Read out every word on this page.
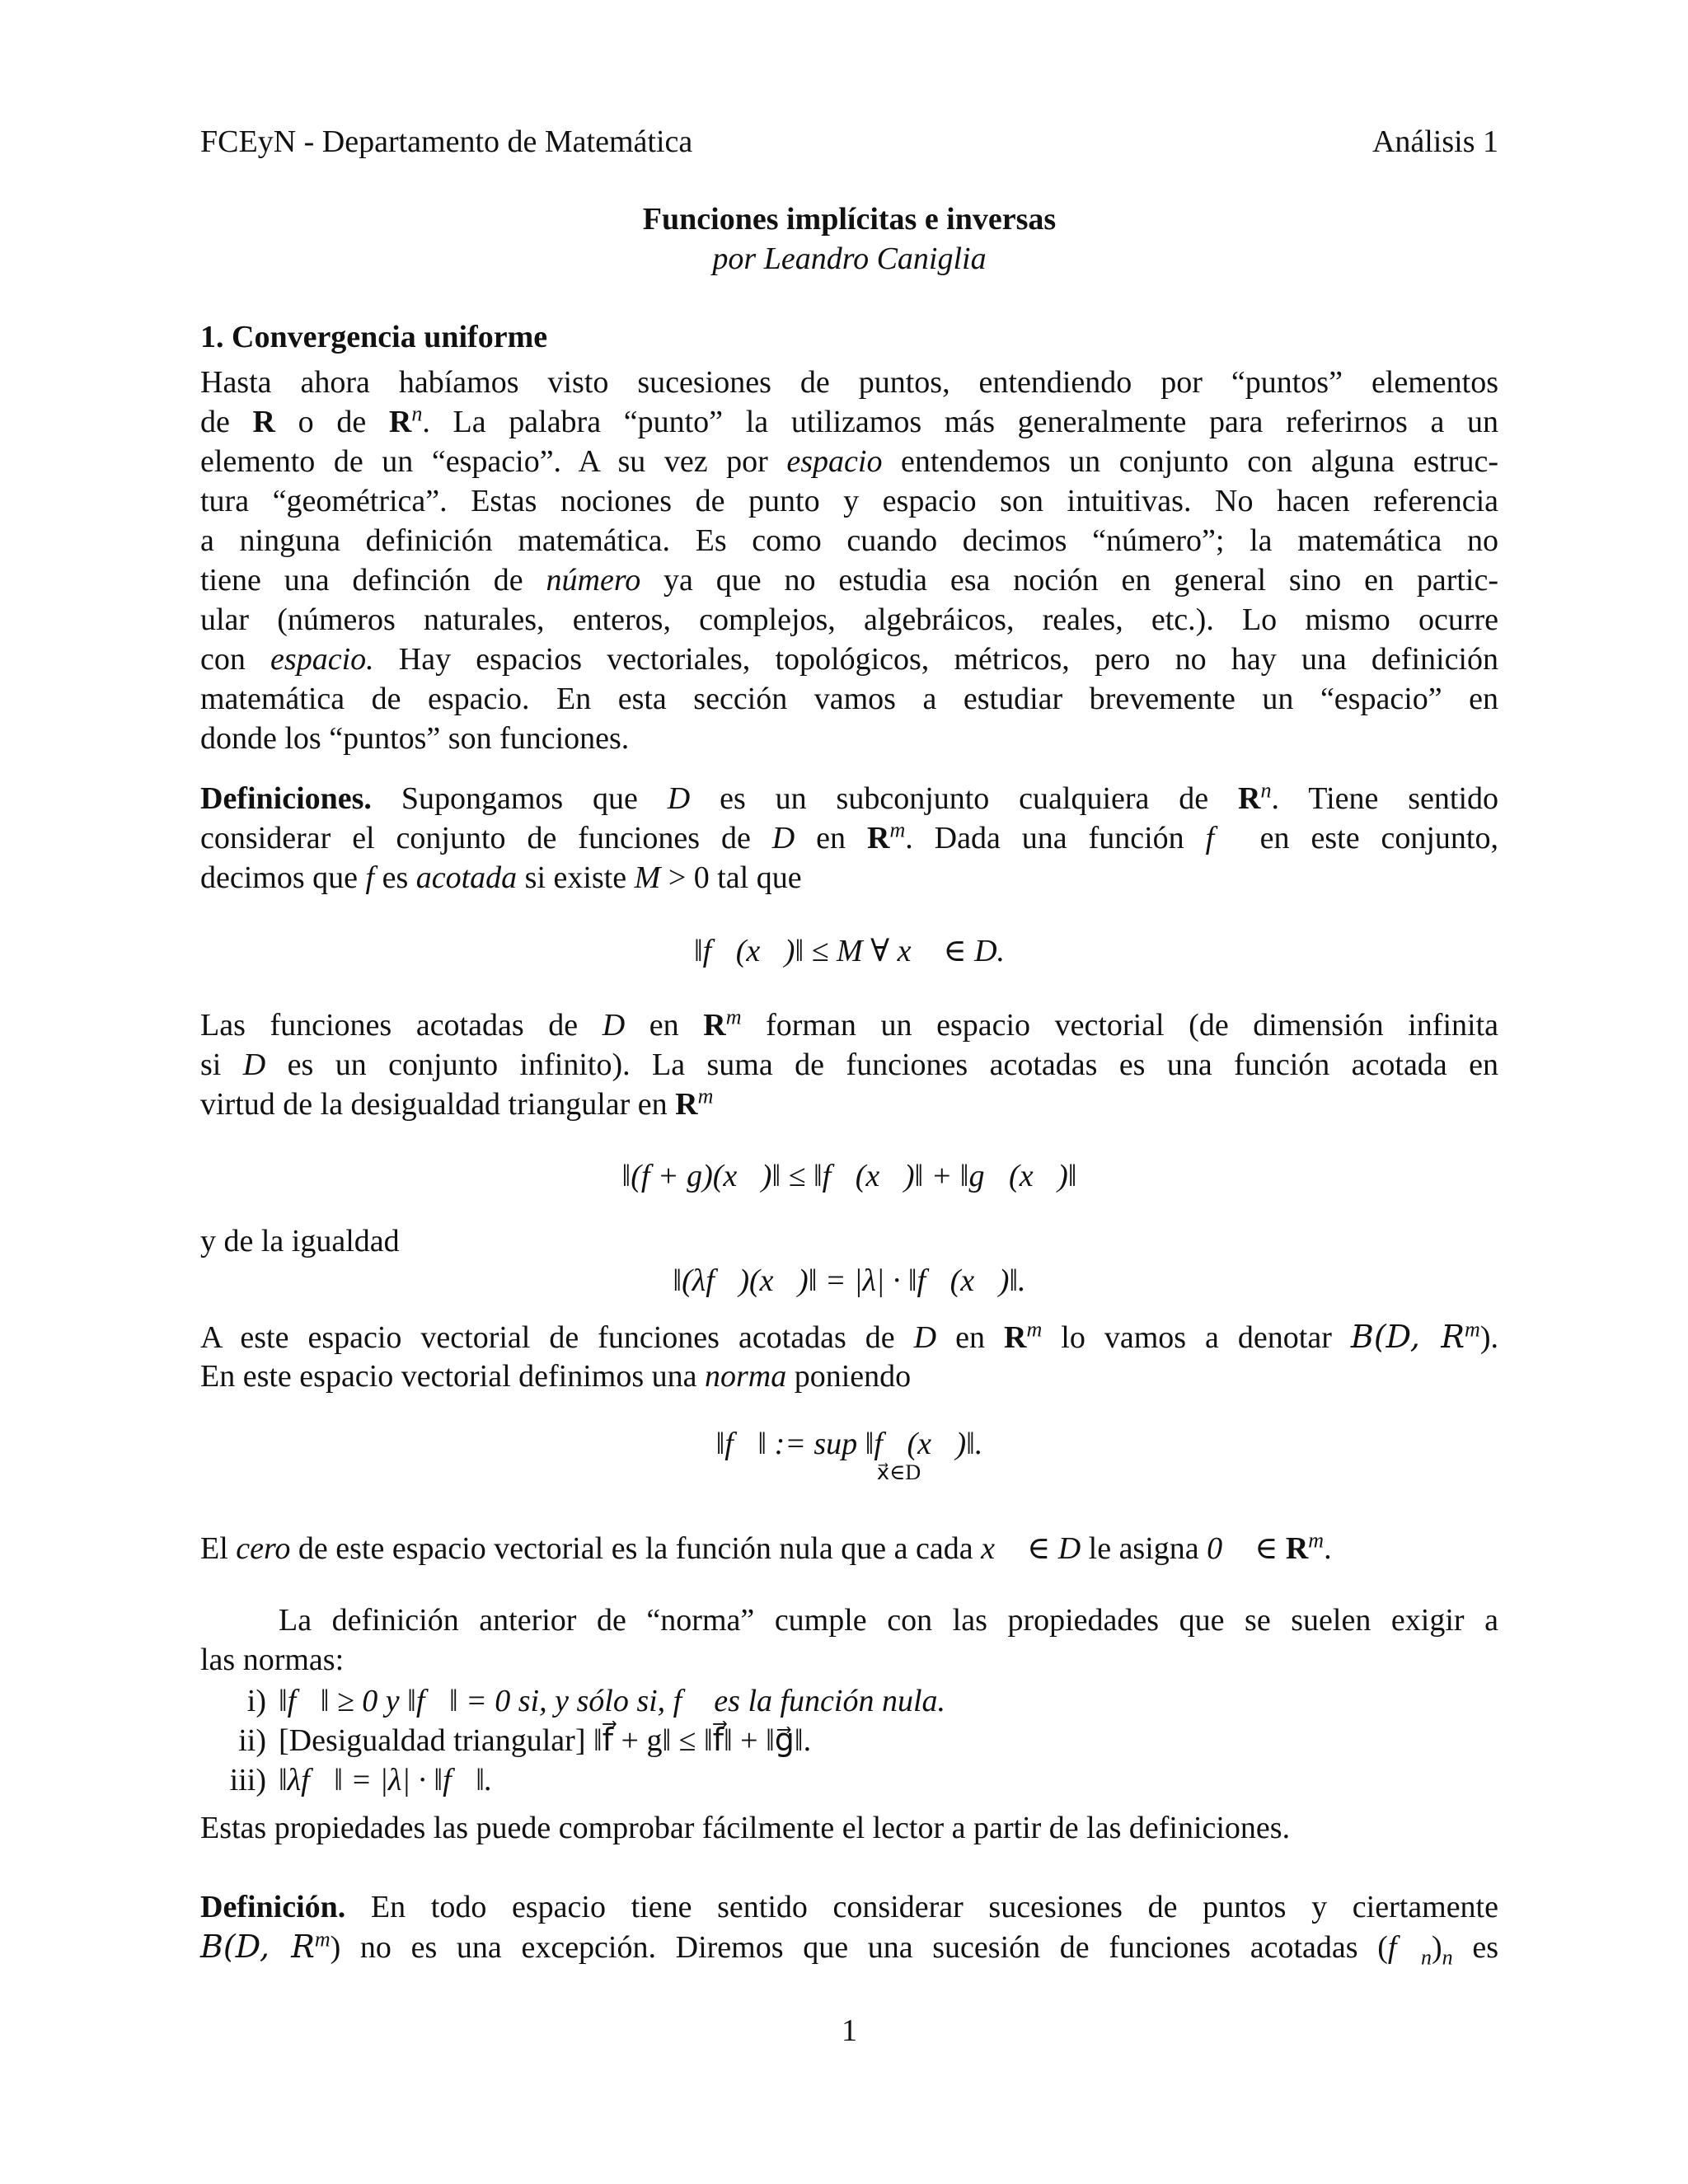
FCEyN - Departamento de Matemática	Análisis 1
Funciones implícitas e inversas
por Leandro Caniglia
1. Convergencia uniforme
Hasta ahora habíamos visto sucesiones de puntos, entendiendo por “puntos” elementos
de R o de $R^n$. La palabra “punto” la utilizamos más generalmente para referirnos a un
elemento de un “espacio”. A su vez por espacio entendemos un conjunto con alguna estruc-
tura “geométrica”. Estas nociones de punto y espacio son intuitivas. No hacen referencia
a ninguna definición matemática. Es como cuando decimos “número”; la matemática no
tiene una definción de número ya que no estudia esa noción en general sino en partic-
ular (números naturales, enteros, complejos, algebráicos, reales, etc.). Lo mismo ocurre
con espacio. Hay espacios vectoriales, topológicos, métricos, pero no hay una definición
matemática de espacio. En esta sección vamos a estudiar brevemente un “espacio” en
donde los “puntos” son funciones.
Definiciones. Supongamos que D es un subconjunto cualquiera de $R^n$. Tiene sentido
considerar el conjunto de funciones de D en $R^m$. Dada una función f⃗ en este conjunto,
decimos que f es acotada si existe M > 0 tal que
‖f⃗(x⃗)‖ ≤ M ∀ x⃗ ∈ D.
Las funciones acotadas de D en $R^m$ forman un espacio vectorial (de dimensión infinita
si D es un conjunto infinito). La suma de funciones acotadas es una función acotada en
virtud de la desigualdad triangular en $R^m$
‖(f + g)(x⃗)‖ ≤ ‖f⃗(x⃗)‖ + ‖g⃗(x⃗)‖
y de la igualdad
‖(λf⃗)(x⃗)‖ = |λ| · ‖f⃗(x⃗)‖.
A este espacio vectorial de funciones acotadas de D en $R^m$ lo vamos a denotar B(D, $R^m$).
En este espacio vectorial definimos una norma poniendo
‖f⃗‖ := sup ‖f⃗(x⃗)‖.
x⃗∈D
El cero de este espacio vectorial es la función nula que a cada x⃗ ∈ D le asigna 0⃗ ∈ $R^m$.
La definición anterior de “norma” cumple con las propiedades que se suelen exigir a
las normas:
i) ‖f⃗‖ ≥ 0 y ‖f⃗‖ = 0 si, y sólo si, f⃗ es la función nula.
ii) [Desigualdad triangular] ‖f⃗ + g‖ ≤ ‖f⃗‖ + ‖g⃗‖.
iii) ‖λf⃗‖ = |λ| · ‖f⃗‖.
Estas propiedades las puede comprobar fácilmente el lector a partir de las definiciones.
Definición. En todo espacio tiene sentido considerar sucesiones de puntos y ciertamente
B(D, $R^m$) no es una excepción. Diremos que una sucesión de funciones acotadas $(f⃗_n)_n$ es
1
